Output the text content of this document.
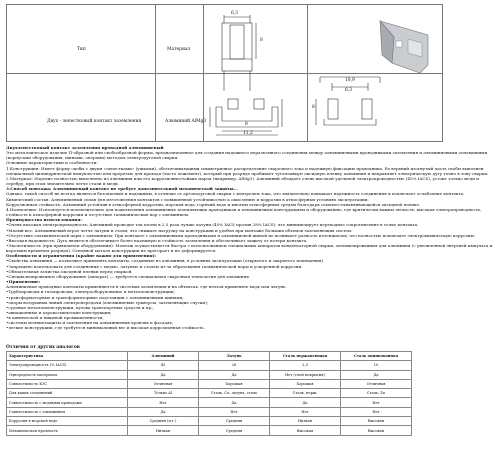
Тип	Материал
Двух - лепестковый контакт заземления	Алюминий AlMg3
6,3
8
8
11,2
10,9
6,3
8

Двухлепестковый контакт заземления проводной алюминиевый

Это металлическое изделие П-образной или скобообразной формы, предназначенное для создания надежного неразъемного соединения между алюминиевыми проводниками заземления и алюминиевыми основаниями

(корпусами оборудования, шинами, опорами) методом электродуговой сварки.

Основные характеристики и особенности:

1.Конструкция: Имеет форму скобы с двумя «лепестками» (ушками), обеспечивающими симметричное распределение сварочного тока и надежную фиксацию проводника. Ее верхний изогнутый часть скобы выполнен

специальной цилиндрической выпуклостью или прорезью для провода (часто ложемент), который при разряде пробивает тугоплавкую оксидную пленку алюминия и направляет электрическую дугу точно в зону сварки.

2.Материал: Изделие полностью выполнено из алюминия или его коррозионностойких марок (например, AlMg3). Алюминий обладает очень высокой удельной электропроводностью (45% IACS), устоит только меди и

серебру, при этом значительно легче стали и меди.

3.Способ монтажа: Алюминиевый контакт не требует дополнительной механической защиты...

Однако, такой способ не всегда является безопасным и надежным, в отличие от аргонодуговой сварки с контролем тока, что значительно повышает надежность соединения и исключает ослабление контакта.

Химический состав: Алюминиевый сплав для изготовления контактов с повышенной устойчивостью к окислению и коррозии в атмосферных условиях эксплуатации.

Коррозионная стойкость: Алюминий устойчив в атмосферной коррозии, морская вода, горячий воде и многим атмосферным средам благодаря самовосстанавливающейся оксидной пленке.

4.Назначение: Используется исключительно для подключения алюминиевых заземляющих проводников к алюминиевым конструкциям и оборудованию, где критически важны легкость, высокая электропроводность,

стойкость к атмосферной коррозии и отсутствие гальванических пар с алюминием.

Преимущества использования:

•Очень высокая электропроводность: Алюминий проводит ток почти в 2,5 раза лучше латуни (45% IACS против 28% IACS), что минимизирует переходное сопротивление в точке контакта.

•Малый вес: Алюминиевый втрое легче латуни и стали, что снижает нагрузку на конструкции и удобен при монтаже больших объемов заземляющих систем.

•Отсутствие гальванической пары с алюминием: При контакте с алюминиевыми проводниками и алюминиевой шиной не возникает разность потенциалов, что полностью исключает электрохимическую коррозию.

•Высокая надежность: Дуга является обеспечивает более надежную и стойкость заземления и обеспечивает защиту от потери контакта.

•Экологичность (при правильном оборудовании): Монтаж осуществляется быстро с использованием специальных аппаратов конденсаторной сварки, оптимизированных для алюминия (с увеличенной энергией импульса и

коротким временем разряда). Основной металл конструкции не прогорает и не деформируется.

Особенности и ограничения (крайне важно для применения):

•Свойства алюминия — позволяют применять контакты, созданные из алюминия, в условиях эксплуатации (открытого и закрытого помещения).

•Запрещено использовать для соединения с медью, латунью и сталью из-за образования гальванической пары и ускоренной коррозии.

•Обязательная зачистка оксидной пленки перед сваркой.

•Специализированное оборудование (аппарат) — требуется специальная сварочная технология для алюминия.

•Применение:

Алюминиевые проводные контакты применяются в системах заземления и на объектах, где нельзя применять медь или латунь:

•Трубопроводы и газопроводы, электрооборудование и металлоконструкции;

•трансформаторные и трансформаторные подстанции с алюминиевыми шинами;

•опоры воздушных линий электропередачи (алюминиевые траверсы, заземляющие спуски);

•судовые металлоконструкции, кузова транспортных средств и пр.;

•авиационные и аэрокосмические конструкции;

•в химической и пищевой промышленности;

•системы молниезащиты и заземления на алюминиевых кровлях и фасадах;

•легкие конструкции, где требуется минимальный вес и высокая коррозионная стойкость.

Отличия от других аналогов
Характеристика	Алюминий	Латунь	Сталь нержавеющая	Сталь оцинкованная
Электропроводность (% IACS)	45	28	2,5	10
Однородность материала	Да	Да	Нет (слой покрытия)	Да
Совместимость КЗС	Отличная	Хорошая	Хорошая	Отличная
Для каких соединений	Только Al	Сталь, Cu, латунь, сталь	Сталь, нерж.	Сталь, Zn
Совместимость с медными проводами	Нет	Да	Да	Нет
Совместимость с алюминием	Да	Нет	Нет	Нет
Коррозия в морской воде	Средняя (п.г.)	Средняя	Низкая	Высокая
Механическая прочность	Низкая	Средняя	Высокая	Высокая
